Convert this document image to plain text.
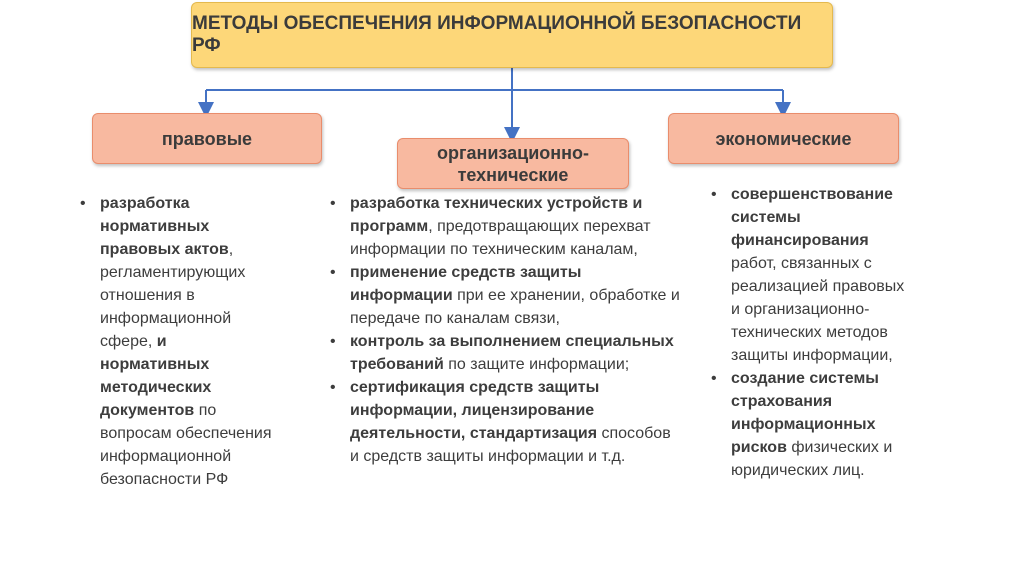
МЕТОДЫ ОБЕСПЕЧЕНИЯ ИНФОРМАЦИОННОЙ БЕЗОПАСНОСТИ РФ
правовые
организационно-
технические
экономические
• разработка нормативных правовых актов, регламентирующих отношения в информационной сфере, и нормативных методических документов по вопросам обеспечения информационной безопасности РФ
• разработка технических устройств и программ, предотвращающих перехват информации по техническим каналам,
• применение средств защиты информации при ее хранении, обработке и передаче по каналам связи,
• контроль за выполнением специальных требований по защите информации;
• сертификация средств защиты информации, лицензирование деятельности, стандартизация способов и средств защиты информации и т.д.
• совершенствование системы финансирования работ, связанных с реализацией правовых и организационно-технических методов защиты информации,
• создание системы страхования информационных рисков физических и юридических лиц.
